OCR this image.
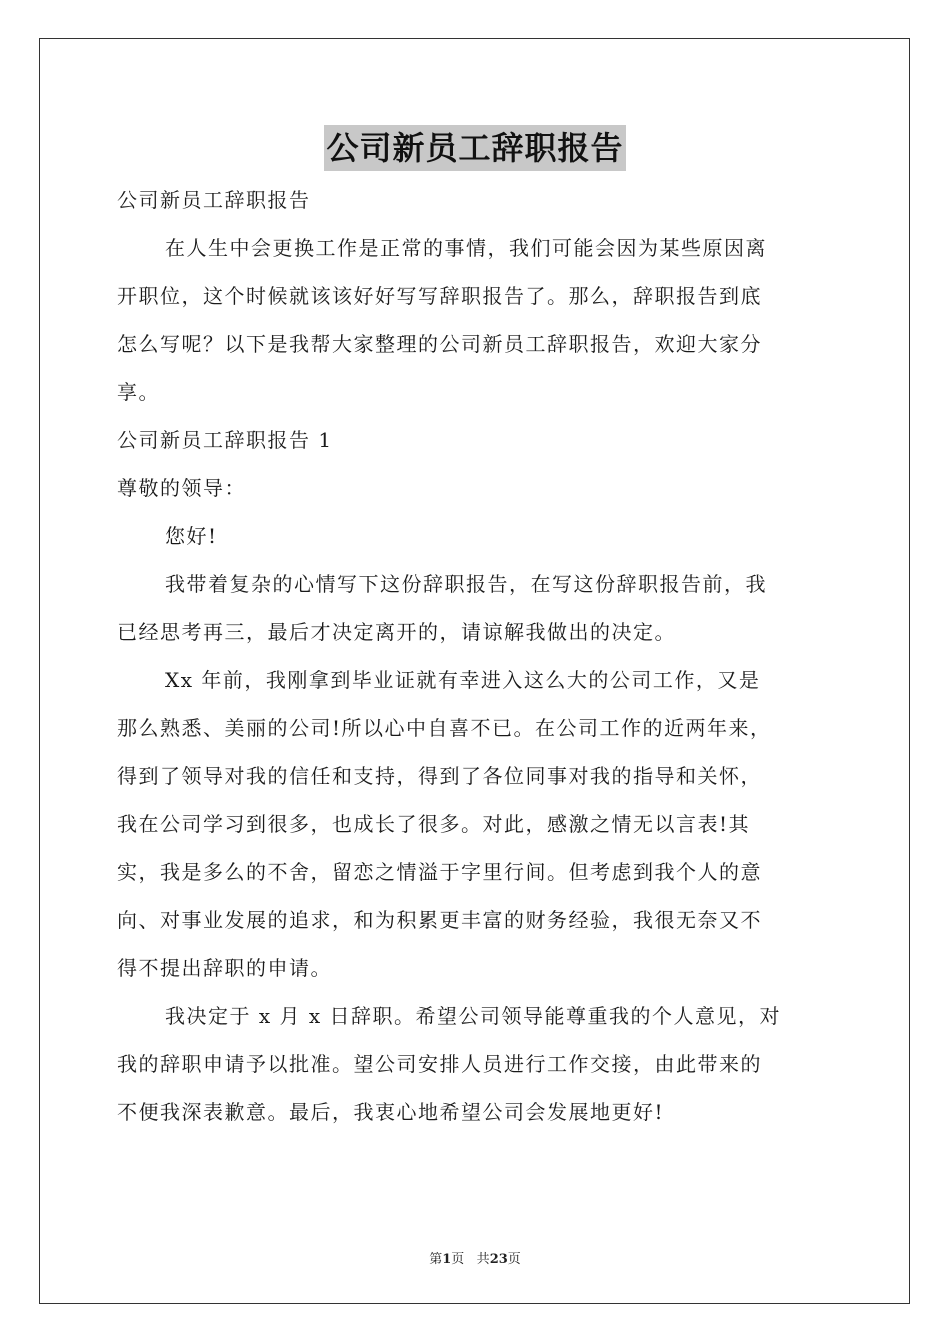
公司新员工辞职报告

公司新员工辞职报告

在人生中会更换工作是正常的事情，我们可能会因为某些原因离

开职位，这个时候就该该好好写写辞职报告了。那么，辞职报告到底

怎么写呢？以下是我帮大家整理的公司新员工辞职报告，欢迎大家分

享。

公司新员工辞职报告 1

尊敬的领导：

您好!

我带着复杂的心情写下这份辞职报告，在写这份辞职报告前，我

已经思考再三，最后才决定离开的，请谅解我做出的决定。

Xx 年前，我刚拿到毕业证就有幸进入这么大的公司工作，又是

那么熟悉、美丽的公司!所以心中自喜不已。在公司工作的近两年来，

得到了领导对我的信任和支持，得到了各位同事对我的指导和关怀，

我在公司学习到很多，也成长了很多。对此，感激之情无以言表!其

实，我是多么的不舍，留恋之情溢于字里行间。但考虑到我个人的意

向、对事业发展的追求，和为积累更丰富的财务经验，我很无奈又不

得不提出辞职的申请。

我决定于 x 月 x 日辞职。希望公司领导能尊重我的个人意见，对

我的辞职申请予以批准。望公司安排人员进行工作交接，由此带来的

不便我深表歉意。最后，我衷心地希望公司会发展地更好!

第1页 共23页
